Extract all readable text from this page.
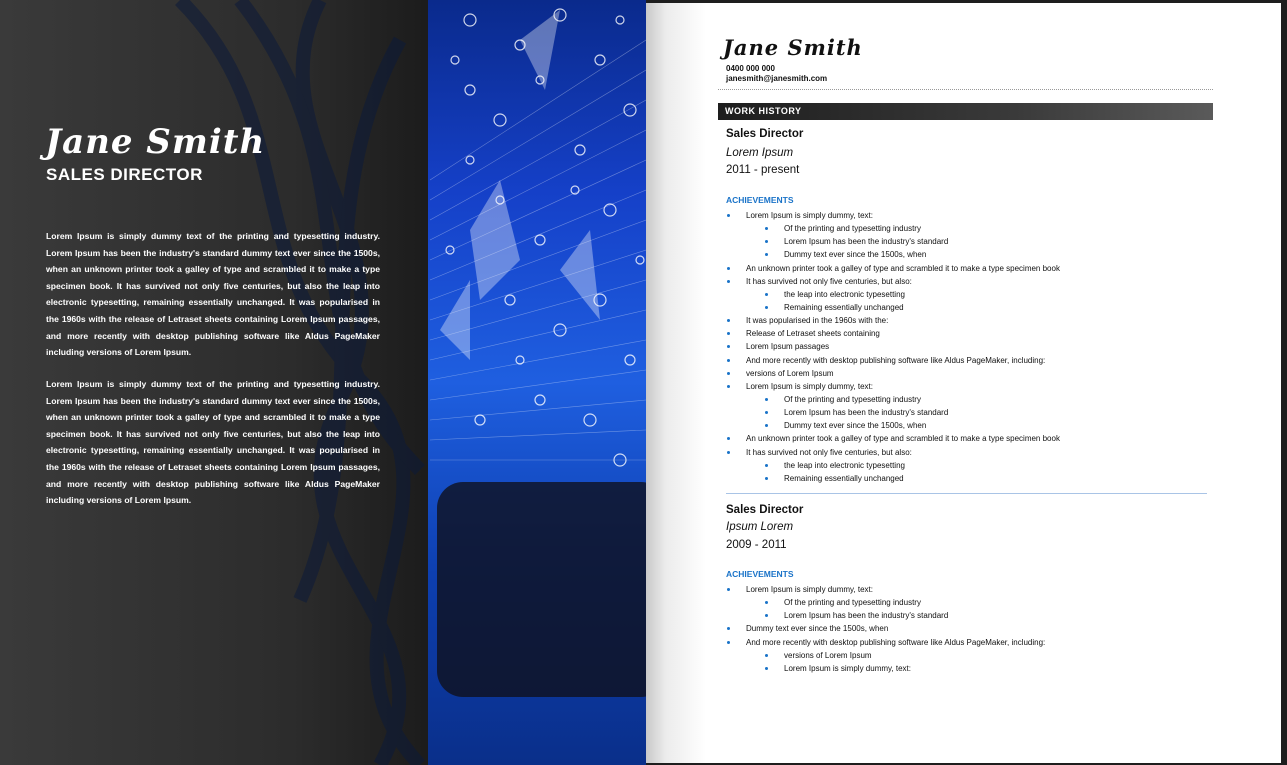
Jane Smith
SALES DIRECTOR

Lorem Ipsum is simply dummy text of the printing and typesetting industry. Lorem Ipsum has been the industry's standard dummy text ever since the 1500s, when an unknown printer took a galley of type and scrambled it to make a type specimen book. It has survived not only five centuries, but also the leap into electronic typesetting, remaining essentially unchanged. It was popularised in the 1960s with the release of Letraset sheets containing Lorem Ipsum passages, and more recently with desktop publishing software like Aldus PageMaker including versions of Lorem Ipsum.

Lorem Ipsum is simply dummy text of the printing and typesetting industry. Lorem Ipsum has been the industry's standard dummy text ever since the 1500s, when an unknown printer took a galley of type and scrambled it to make a type specimen book. It has survived not only five centuries, but also the leap into electronic typesetting, remaining essentially unchanged. It was popularised in the 1960s with the release of Letraset sheets containing Lorem Ipsum passages, and more recently with desktop publishing software like Aldus PageMaker including versions of Lorem Ipsum.

Jane Smith
0400 000 000
janesmith@janesmith.com
WORK HISTORY
Sales Director
Lorem Ipsum
2011 - present
ACHIEVEMENTS
Lorem Ipsum is simply dummy, text:
Of the printing and typesetting industry
Lorem Ipsum has been the industry's standard
Dummy text ever since the 1500s, when
An unknown printer took a galley of type and scrambled it to make a type specimen book
It has survived not only five centuries, but also:
the leap into electronic typesetting
Remaining essentially unchanged
It was popularised in the 1960s with the:
Release of Letraset sheets containing
Lorem Ipsum passages
And more recently with desktop publishing software like Aldus PageMaker, including:
versions of Lorem Ipsum
Lorem Ipsum is simply dummy, text:
Of the printing and typesetting industry
Lorem Ipsum has been the industry's standard
Dummy text ever since the 1500s, when
An unknown printer took a galley of type and scrambled it to make a type specimen book
It has survived not only five centuries, but also:
the leap into electronic typesetting
Remaining essentially unchanged
Sales Director
Ipsum Lorem
2009 - 2011
ACHIEVEMENTS
Lorem Ipsum is simply dummy, text:
Of the printing and typesetting industry
Lorem Ipsum has been the industry's standard
Dummy text ever since the 1500s, when
And more recently with desktop publishing software like Aldus PageMaker, including:
versions of Lorem Ipsum
Lorem Ipsum is simply dummy, text:
